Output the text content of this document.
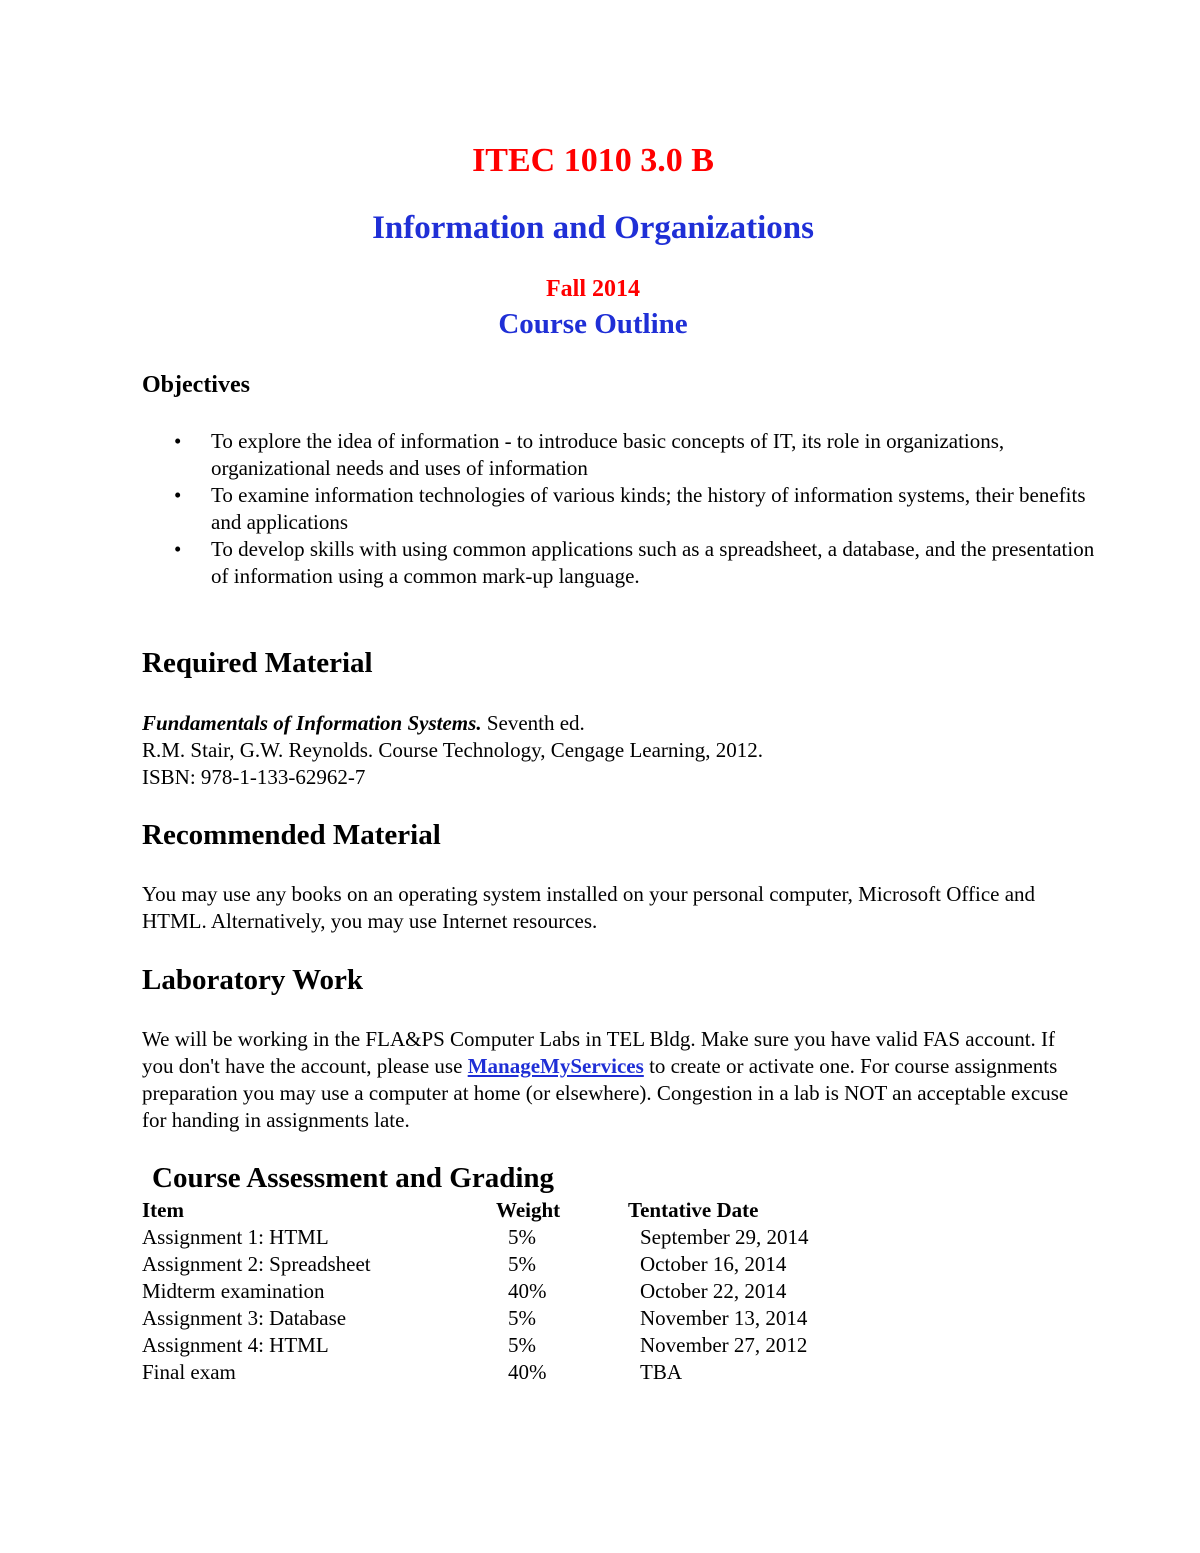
ITEC 1010 3.0 B
Information and Organizations
Fall 2014
Course Outline
Objectives
• To explore the idea of information - to introduce basic concepts of IT, its role in organizations, organizational needs and uses of information
• To examine information technologies of various kinds; the history of information systems, their benefits and applications
• To develop skills with using common applications such as a spreadsheet, a database, and the presentation of information using a common mark-up language.
Required Material
Fundamentals of Information Systems. Seventh ed.
R.M. Stair, G.W. Reynolds. Course Technology, Cengage Learning, 2012.
ISBN: 978-1-133-62962-7
Recommended Material
You may use any books on an operating system installed on your personal computer, Microsoft Office and HTML. Alternatively, you may use Internet resources.
Laboratory Work
We will be working in the FLA&PS Computer Labs in TEL Bldg. Make sure you have valid FAS account. If you don't have the account, please use ManageMyServices to create or activate one. For course assignments preparation you may use a computer at home (or elsewhere). Congestion in a lab is NOT an acceptable excuse for handing in assignments late.
Course Assessment and Grading
Item	Weight	Tentative Date
Assignment 1: HTML	5%	September 29, 2014
Assignment 2: Spreadsheet	5%	October 16, 2014
Midterm examination	40%	October 22, 2014
Assignment 3: Database	5%	November 13, 2014
Assignment 4: HTML	5%	November 27, 2012
Final exam	40%	TBA
